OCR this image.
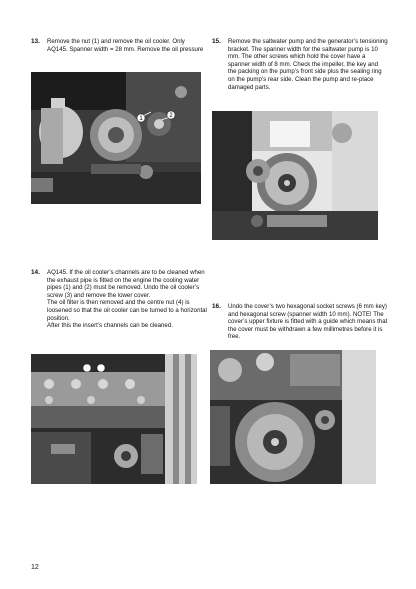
13. Remove the nut (1) and remove the oil cooler. Only AQ145. Spanner width = 28 mm. Remove the oil pressure

1	2
15. Remove the saltwater pump and the generator’s tensioning bracket. The spanner width for the saltwater pump is 10 mm. The other screws which hold the cover have a spanner width of 8 mm. Check the impeller, the key and the packing on the pump’s front side plus the sealing ring on the pump’s rear side. Clean the pump and re-place damaged parts.

14. AQ145. If the oil cooler’s channels are to be cleaned when the exhaust pipe is fitted on the engine the cooling water pipes (1) and (2) must be removed. Undo the oil cooler’s screw (3) and remove the lower cover.

The oil filter is then removed and the centre nut (4) is loosened so that the oil cooler can be turned to a horizontal position.

After this the insert’s channels can be cleaned.

16. Undo the cover’s two hexagonal socket screws (6 mm key) and hexagonal screw (spanner width 10 mm). NOTE! The cover’s upper fixture is fitted with a guide which means that the cover must be withdrawn a few millimetres before it is free.

12
